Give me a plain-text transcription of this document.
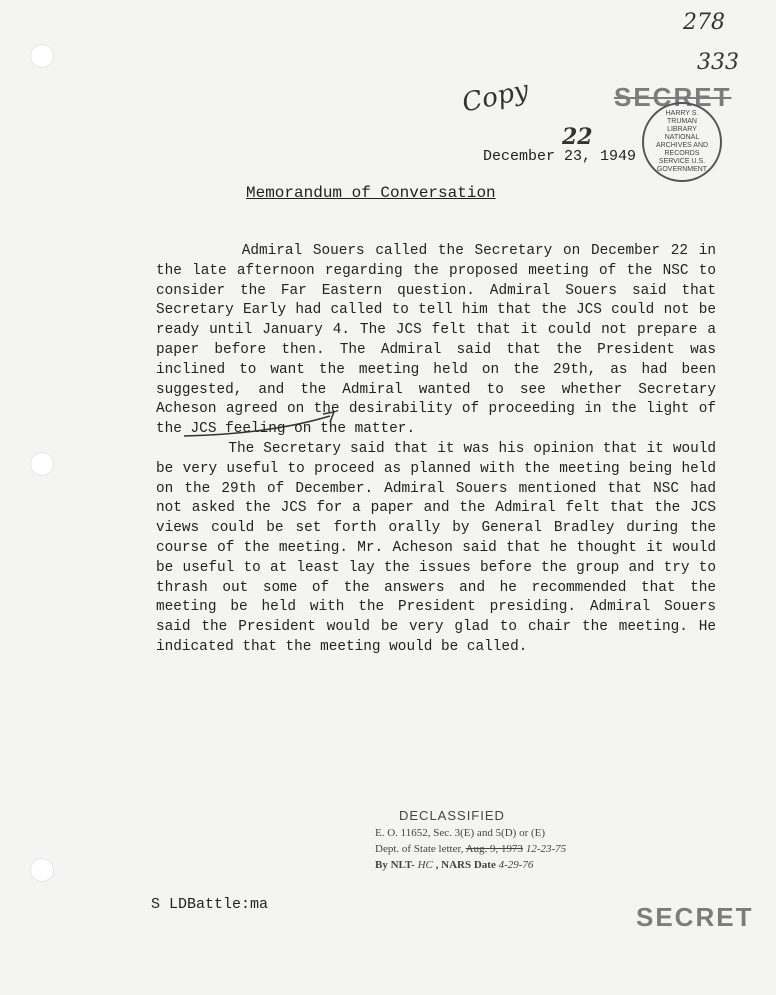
278
333
Copy
22
SECRET
HARRY S. TRUMAN LIBRARY NATIONAL ARCHIVES AND RECORDS SERVICE U.S. GOVERNMENT
December 23, 1949
Memorandum of Conversation
Admiral Souers called the Secretary on December 22 in the late afternoon regarding the proposed meeting of the NSC to consider the Far Eastern question. Admiral Souers said that Secretary Early had called to tell him that the JCS could not be ready until January 4. The JCS felt that it could not prepare a paper before then. The Admiral said that the President was inclined to want the meeting held on the 29th, as had been suggested, and the Admiral wanted to see whether Secretary Acheson agreed on the desirability of proceeding in the light of the JCS feeling on the matter.
The Secretary said that it was his opinion that it would be very useful to proceed as planned with the meeting being held on the 29th of December. Admiral Souers mentioned that NSC had not asked the JCS for a paper and the Admiral felt that the JCS views could be set forth orally by General Bradley during the course of the meeting. Mr. Acheson said that he thought it would be useful to at least lay the issues before the group and try to thrash out some of the answers and he recommended that the meeting be held with the President presiding. Admiral Souers said the President would be very glad to chair the meeting. He indicated that the meeting would be called.
DECLASSIFIED
E. O. 11652, Sec. 3(E) and 5(D) or (E)
Dept. of State letter, Aug. 9, 1973 12-23-75
By NLT- HC , NARS Date 4-29-76
S LDBattle:ma	SECRET
